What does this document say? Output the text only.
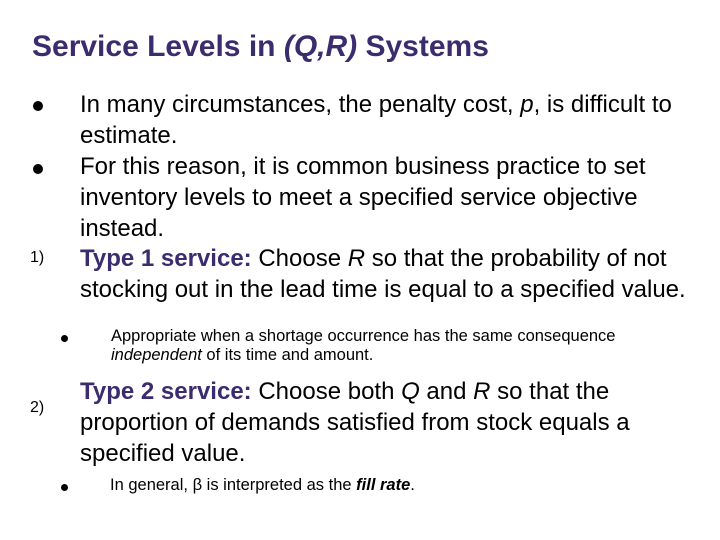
Service Levels in (Q,R) Systems
In many circumstances, the penalty cost, p, is difficult to estimate.
For this reason, it is common business practice to set inventory levels to meet a specified service objective instead.
1) Type 1 service: Choose R so that the probability of not stocking out in the lead time is equal to a specified value.
Appropriate when a shortage occurrence has the same consequence independent of its time and amount.
2)
Type 2 service: Choose both Q and R so that the proportion of demands satisfied from stock equals a specified value.
In general, β is interpreted as the fill rate.
